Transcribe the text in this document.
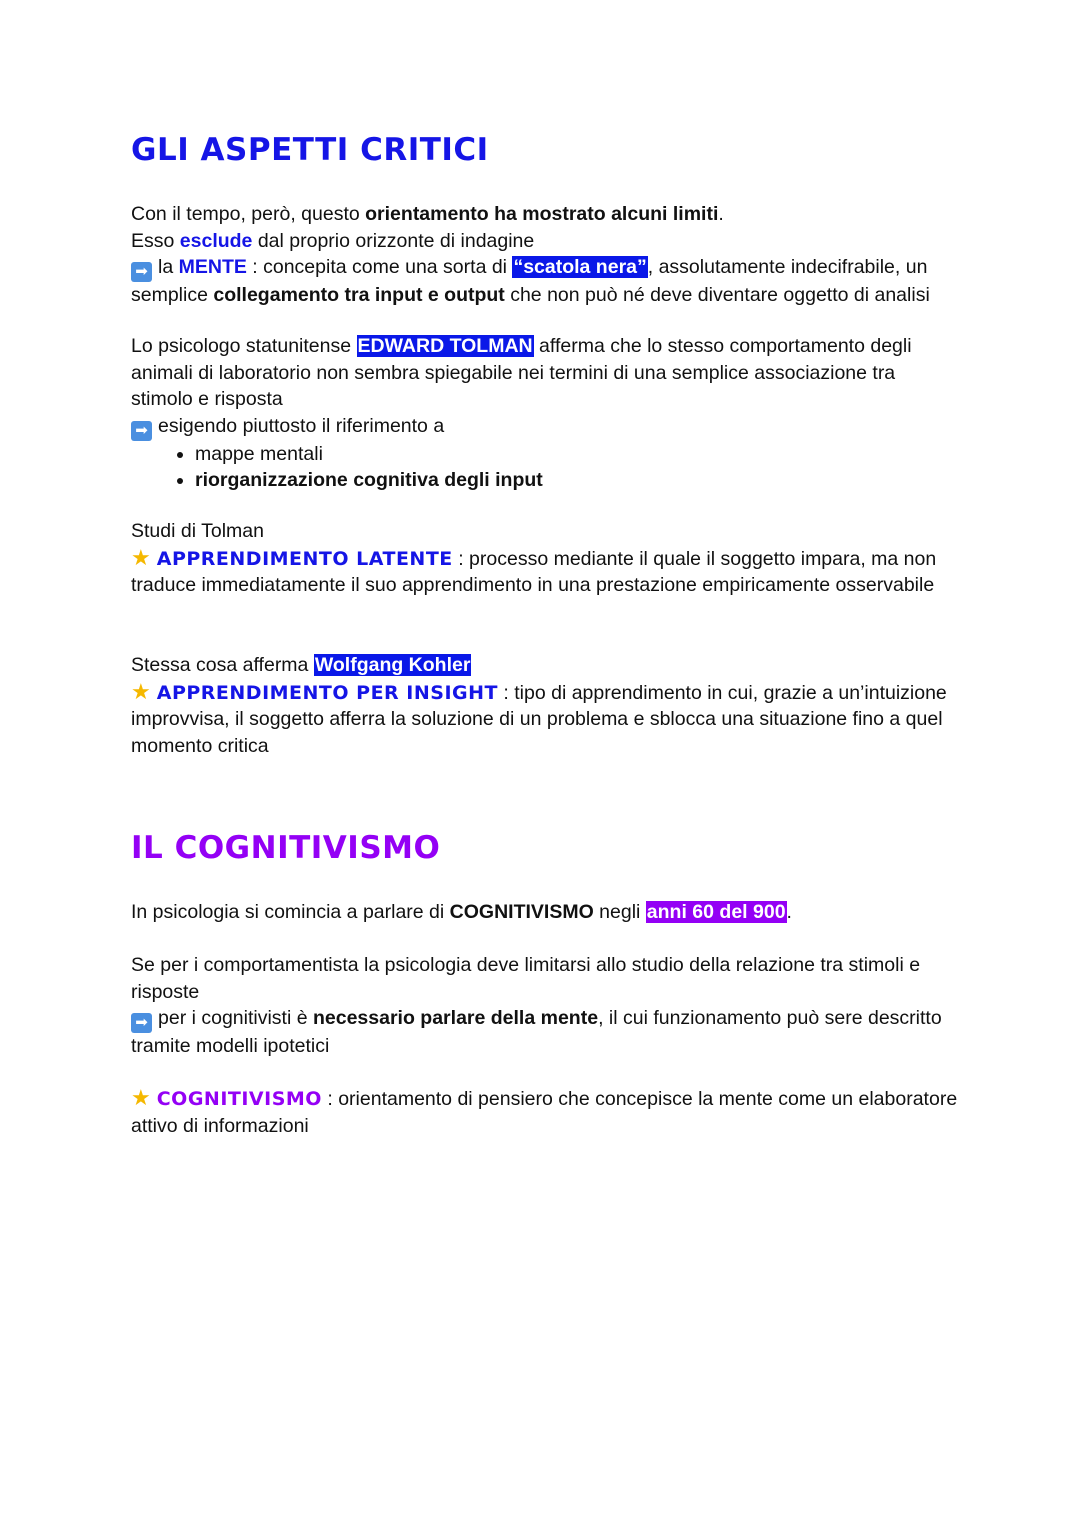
GLI ASPETTI CRITICI
Con il tempo, però, questo orientamento ha mostrato alcuni limiti.
Esso esclude dal proprio orizzonte di indagine
➡ la MENTE : concepita come una sorta di “scatola nera”, assolutamente indecifrabile, un semplice collegamento tra input e output che non può né deve diventare oggetto di analisi
Lo psicologo statunitense EDWARD TOLMAN afferma che lo stesso comportamento degli animali di laboratorio non sembra spiegabile nei termini di una semplice associazione tra stimolo e risposta
➡ esigendo piuttosto il riferimento a
• mappe mentali
• riorganizzazione cognitiva degli input
Studi di Tolman
★ APPRENDIMENTO LATENTE : processo mediante il quale il soggetto impara, ma non traduce immediatamente il suo apprendimento in una prestazione empiricamente osservabile
Stessa cosa afferma Wolfgang Kohler
★ APPRENDIMENTO PER INSIGHT : tipo di apprendimento in cui, grazie a un’intuizione improvvisa, il soggetto afferra la soluzione di un problema e sblocca una situazione fino a quel momento critica
IL COGNITIVISMO
In psicologia si comincia a parlare di COGNITIVISMO negli anni 60 del 900.
Se per i comportamentista la psicologia deve limitarsi allo studio della relazione tra stimoli e risposte
➡ per i cognitivisti è necessario parlare della mente, il cui funzionamento può sere descritto tramite modelli ipotetici
★ COGNITIVISMO : orientamento di pensiero che concepisce la mente come un elaboratore attivo di informazioni
